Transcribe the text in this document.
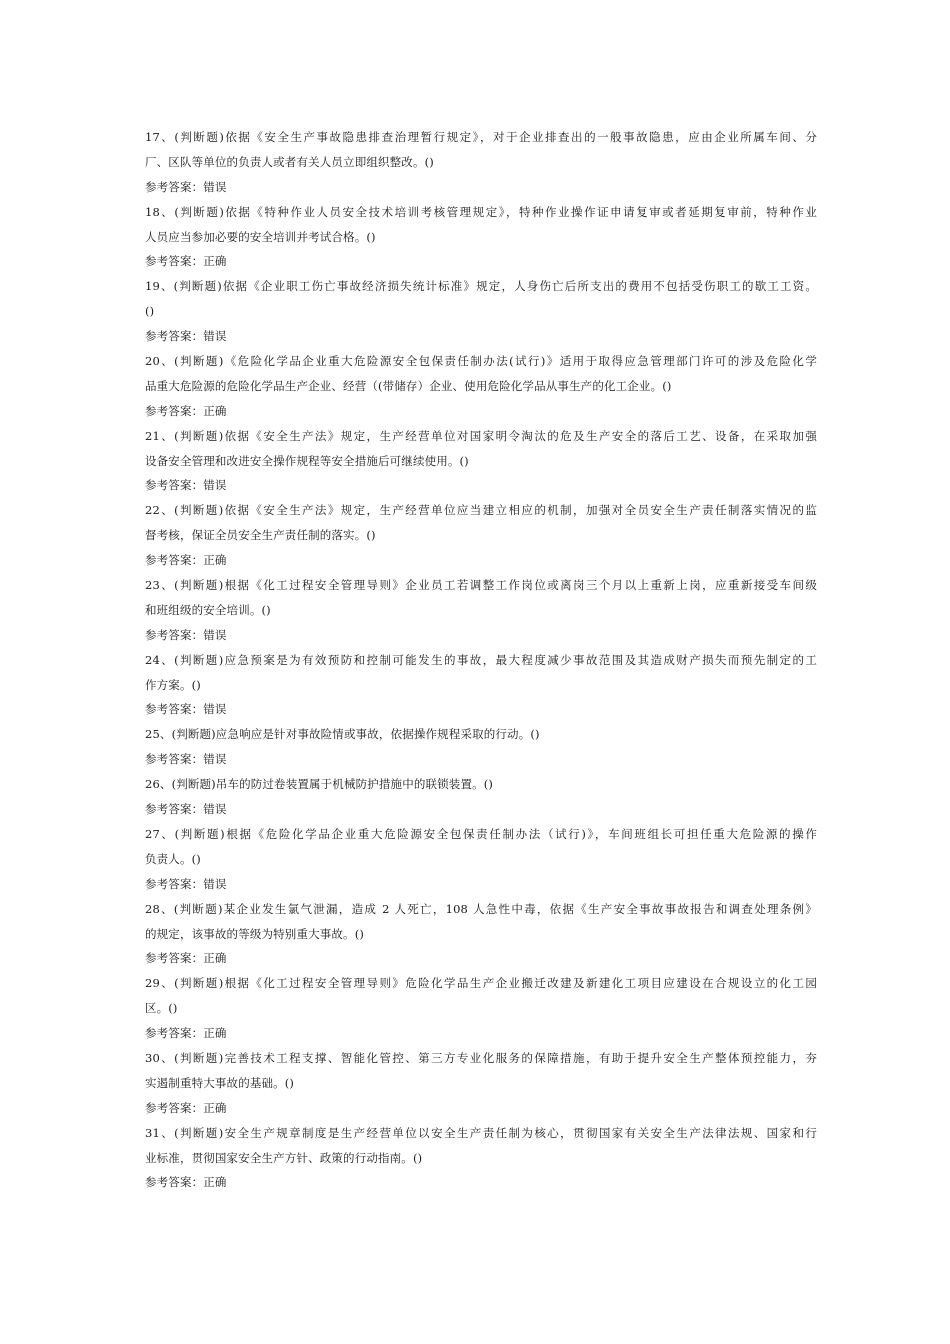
17、(判断题)依据《安全生产事故隐患排查治理暂行规定》，对于企业排查出的一般事故隐患，应由企业所属车间、分
厂、区队等单位的负责人或者有关人员立即组织整改。()
参考答案：错误
18、(判断题)依据《特种作业人员安全技术培训考核管理规定》，特种作业操作证申请复审或者延期复审前，特种作业
人员应当参加必要的安全培训并考试合格。()
参考答案：正确
19、(判断题)依据《企业职工伤亡事故经济损失统计标准》规定，人身伤亡后所支出的费用不包括受伤职工的歇工工资。
()
参考答案：错误
20、(判断题)《危险化学品企业重大危险源安全包保责任制办法(试行)》适用于取得应急管理部门许可的涉及危险化学
品重大危险源的危险化学品生产企业、经营（(带储存）企业、使用危险化学品从事生产的化工企业。()
参考答案：正确
21、(判断题)依据《安全生产法》规定，生产经营单位对国家明令淘汰的危及生产安全的落后工艺、设备，在采取加强
设备安全管理和改进安全操作规程等安全措施后可继续使用。()
参考答案：错误
22、(判断题)依据《安全生产法》规定，生产经营单位应当建立相应的机制，加强对全员安全生产责任制落实情况的监
督考核，保证全员安全生产责任制的落实。()
参考答案：正确
23、(判断题)根据《化工过程安全管理导则》企业员工若调整工作岗位或离岗三个月以上重新上岗，应重新接受车间级
和班组级的安全培训。()
参考答案：错误
24、(判断题)应急预案是为有效预防和控制可能发生的事故，最大程度减少事故范围及其造成财产损失而预先制定的工
作方案。()
参考答案：错误
25、(判断题)应急响应是针对事故险情或事故，依据操作规程采取的行动。()
参考答案：错误
26、(判断题)吊车的防过卷装置属于机械防护措施中的联锁装置。()
参考答案：错误
27、(判断题)根据《危险化学品企业重大危险源安全包保责任制办法（试行)》，车间班组长可担任重大危险源的操作
负责人。()
参考答案：错误
28、(判断题)某企业发生氯气泄漏，造成 2 人死亡，108 人急性中毒，依据《生产安全事故事故报告和调查处理条例》
的规定，该事故的等级为特别重大事故。()
参考答案：正确
29、(判断题)根据《化工过程安全管理导则》危险化学品生产企业搬迁改建及新建化工项目应建设在合规设立的化工园
区。()
参考答案：正确
30、(判断题)完善技术工程支撑、智能化管控、第三方专业化服务的保障措施，有助于提升安全生产整体预控能力，夯
实遏制重特大事故的基础。()
参考答案：正确
31、(判断题)安全生产规章制度是生产经营单位以安全生产责任制为核心，贯彻国家有关安全生产法律法规、国家和行
业标准，贯彻国家安全生产方针、政策的行动指南。()
参考答案：正确
